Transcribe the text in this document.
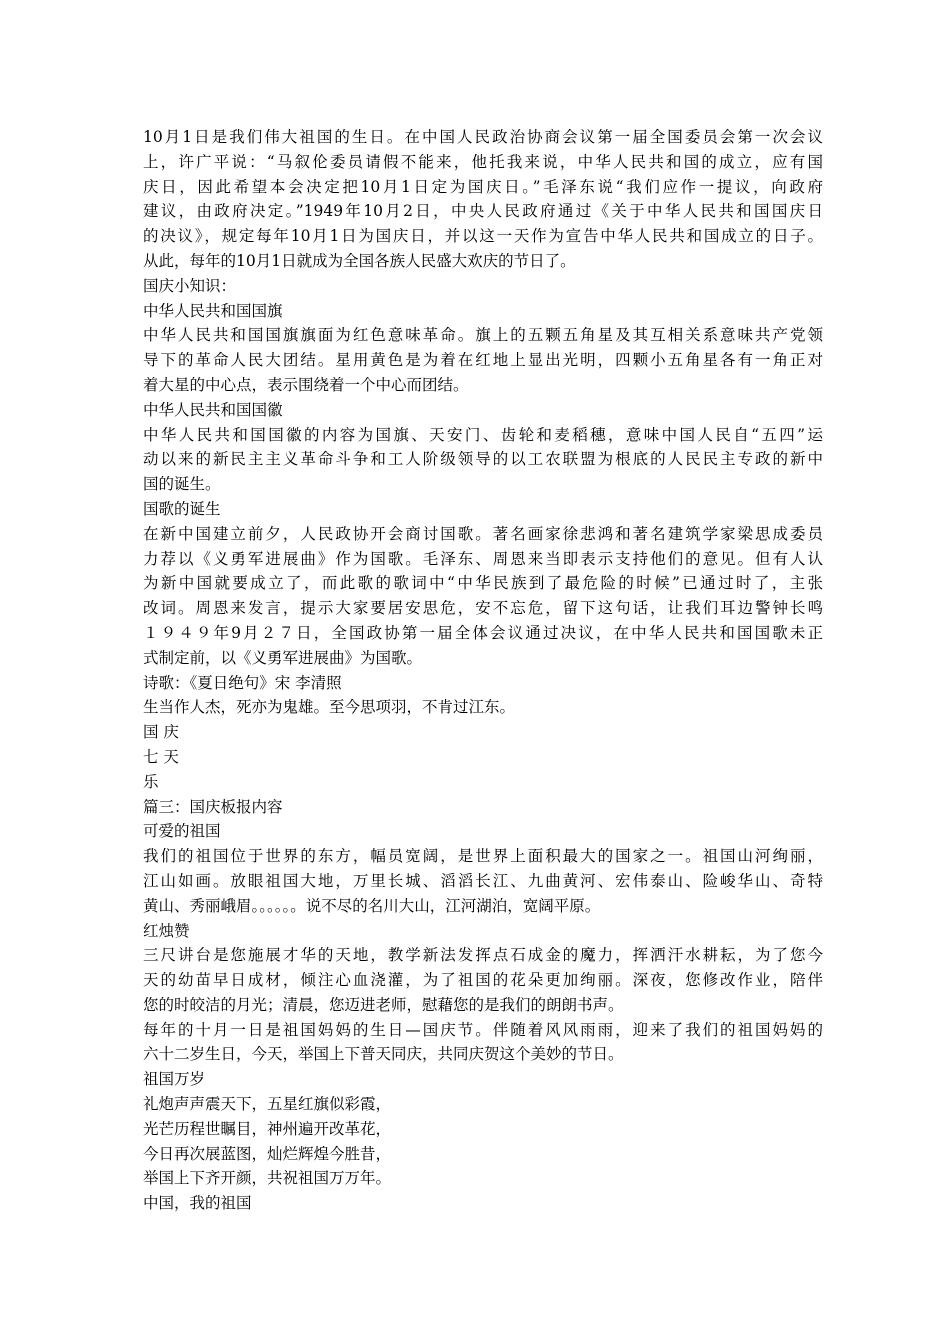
10月1日是我们伟大祖国的生日。在中国人民政治协商会议第一届全国委员会第一次会议
上，许广平说：“马叙伦委员请假不能来，他托我来说，中华人民共和国的成立，应有国
庆日，因此希望本会决定把10月1日定为国庆日。”毛泽东说“我们应作一提议，向政府
建议，由政府决定。”1949年10月2日，中央人民政府通过《关于中华人民共和国国庆日
的决议》，规定每年10月1日为国庆日，并以这一天作为宣告中华人民共和国成立的日子。
从此，每年的10月1日就成为全国各族人民盛大欢庆的节日了。
国庆小知识：
中华人民共和国国旗
中华人民共和国国旗旗面为红色意味革命。旗上的五颗五角星及其互相关系意味共产党领
导下的革命人民大团结。星用黄色是为着在红地上显出光明，四颗小五角星各有一角正对
着大星的中心点，表示围绕着一个中心而团结。
中华人民共和国国徽
中华人民共和国国徽的内容为国旗、天安门、齿轮和麦稻穗，意味中国人民自“五四”运
动以来的新民主主义革命斗争和工人阶级领导的以工农联盟为根底的人民民主专政的新中
国的诞生。
国歌的诞生
在新中国建立前夕，人民政协开会商讨国歌。著名画家徐悲鸿和著名建筑学家梁思成委员
力荐以《义勇军进展曲》作为国歌。毛泽东、周恩来当即表示支持他们的意见。但有人认
为新中国就要成立了，而此歌的歌词中“中华民族到了最危险的时候”已通过时了，主张
改词。周恩来发言，提示大家要居安思危，安不忘危，留下这句话，让我们耳边警钟长鸣
１９４９年9月２７日，全国政协第一届全体会议通过决议，在中华人民共和国国歌未正
式制定前，以《义勇军进展曲》为国歌。
诗歌：《夏日绝句》宋 李清照
生当作人杰，死亦为鬼雄。至今思项羽，不肯过江东。
国 庆
七 天
乐
篇三：国庆板报内容
可爱的祖国
我们的祖国位于世界的东方，幅员宽阔，是世界上面积最大的国家之一。祖国山河绚丽，
江山如画。放眼祖国大地，万里长城、滔滔长江、九曲黄河、宏伟泰山、险峻华山、奇特
黄山、秀丽峨眉。。。。。。说不尽的名川大山，江河湖泊，宽阔平原。
红烛赞
三尺讲台是您施展才华的天地，教学新法发挥点石成金的魔力，挥洒汗水耕耘，为了您今
天的幼苗早日成材，倾注心血浇灌，为了祖国的花朵更加绚丽。深夜，您修改作业，陪伴
您的时皎洁的月光；清晨，您迈进老师，慰藉您的是我们的朗朗书声。
每年的十月一日是祖国妈妈的生日—国庆节。伴随着风风雨雨，迎来了我们的祖国妈妈的
六十二岁生日，今天，举国上下普天同庆，共同庆贺这个美妙的节日。
祖国万岁
礼炮声声震天下，五星红旗似彩霞，
光芒历程世瞩目，神州遍开改革花，
今日再次展蓝图，灿烂辉煌今胜昔，
举国上下齐开颜，共祝祖国万万年。
中国，我的祖国
